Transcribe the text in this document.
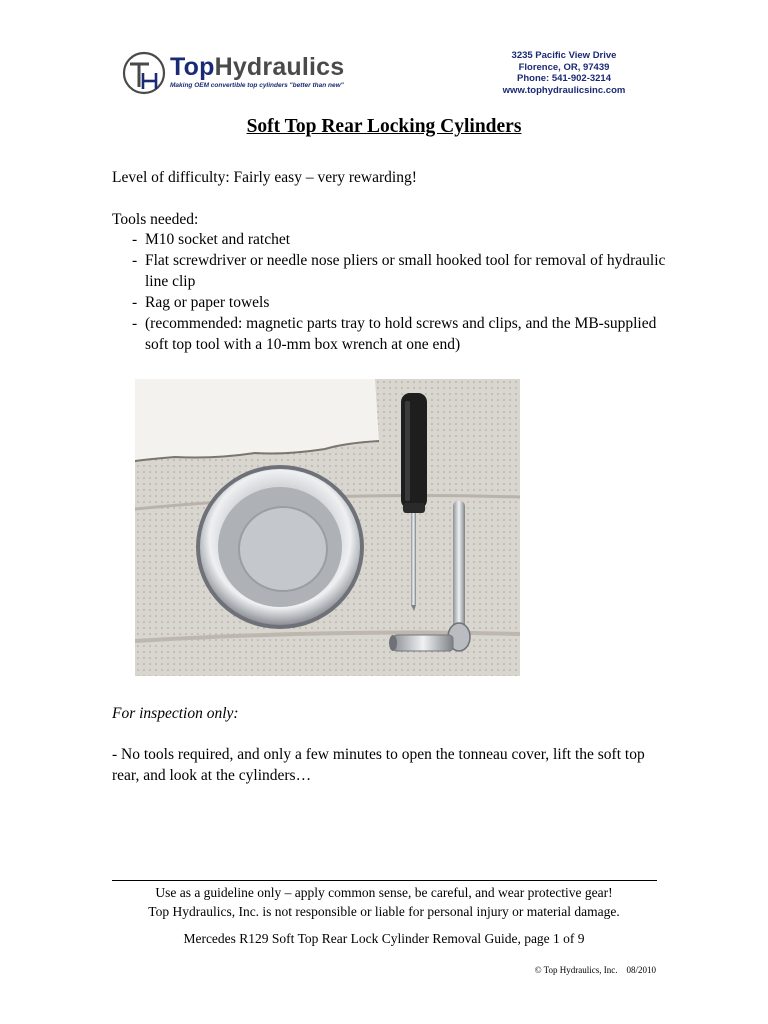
TopHydraulics
Making OEM convertible top cylinders "better than new"
3235 Pacific View Drive
Florence, OR, 97439
Phone: 541-902-3214
www.tophydraulicsinc.com
Soft Top Rear Locking Cylinders
Level of difficulty: Fairly easy – very rewarding!
Tools needed:
- M10 socket and ratchet
- Flat screwdriver or needle nose pliers or small hooked tool for removal of hydraulic line clip
- Rag or paper towels
- (recommended: magnetic parts tray to hold screws and clips, and the MB-supplied soft top tool with a 10-mm box wrench at one end)
For inspection only:
- No tools required, and only a few minutes to open the tonneau cover, lift the soft top rear, and look at the cylinders…
Use as a guideline only – apply common sense, be careful, and wear protective gear!
Top Hydraulics, Inc. is not responsible or liable for personal injury or material damage.
Mercedes R129 Soft Top Rear Lock Cylinder Removal Guide, page 1 of 9
© Top Hydraulics, Inc.    08/2010
